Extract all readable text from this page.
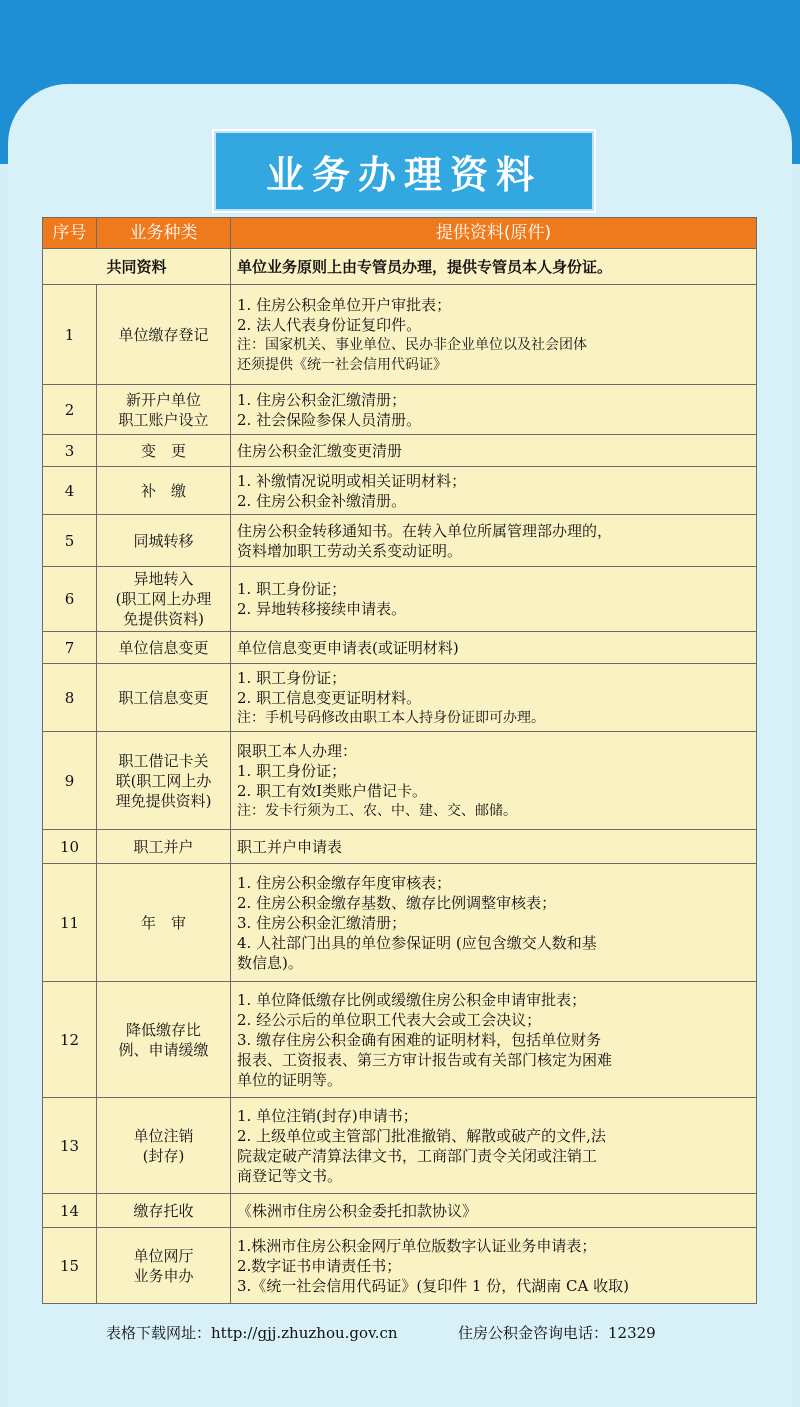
业务办理资料
序号	业务种类	提供资料(原件)
共同资料		单位业务原则上由专管员办理，提供专管员本人身份证。
1	单位缴存登记	1. 住房公积金单位开户审批表；
2. 法人代表身份证复印件。
注：国家机关、事业单位、民办非企业单位以及社会团体
还须提供《统一社会信用代码证》

2	新开户单位
职工账户设立	1. 住房公积金汇缴清册；
2. 社会保险参保人员清册。

3	变　更	住房公积金汇缴变更清册

4	补　缴	1. 补缴情况说明或相关证明材料；
2. 住房公积金补缴清册。

5	同城转移	住房公积金转移通知书。在转入单位所属管理部办理的，
资料增加职工劳动关系变动证明。

6	异地转入
(职工网上办理
免提供资料)	1. 职工身份证；
2. 异地转移接续申请表。

7	单位信息变更	单位信息变更申请表(或证明材料)

8	职工信息变更	1. 职工身份证；
2. 职工信息变更证明材料。
注：手机号码修改由职工本人持身份证即可办理。

9	职工借记卡关
联(职工网上办
理免提供资料)	限职工本人办理：
1. 职工身份证；
2. 职工有效Ⅰ类账户借记卡。
注：发卡行须为工、农、中、建、交、邮储。

10	职工并户	职工并户申请表

11	年　审	1. 住房公积金缴存年度审核表；
2. 住房公积金缴存基数、缴存比例调整审核表；
3. 住房公积金汇缴清册；
4. 人社部门出具的单位参保证明 (应包含缴交人数和基
数信息)。

12	降低缴存比
例、申请缓缴	1. 单位降低缴存比例或缓缴住房公积金申请审批表；
2. 经公示后的单位职工代表大会或工会决议；
3. 缴存住房公积金确有困难的证明材料，包括单位财务
报表、工资报表、第三方审计报告或有关部门核定为困难
单位的证明等。

13	单位注销
(封存)	1. 单位注销(封存)申请书；
2. 上级单位或主管部门批准撤销、解散或破产的文件,法
院裁定破产清算法律文书，工商部门责令关闭或注销工
商登记等文书。

14	缴存托收	《株洲市住房公积金委托扣款协议》

15	单位网厅
业务申办	1.株洲市住房公积金网厅单位版数字认证业务申请表；
2.数字证书申请责任书；
3.《统一社会信用代码证》(复印件 1 份，代湖南 CA 收取)
表格下载网址：http://gjj.zhuzhou.gov.cn	住房公积金咨询电话：12329
